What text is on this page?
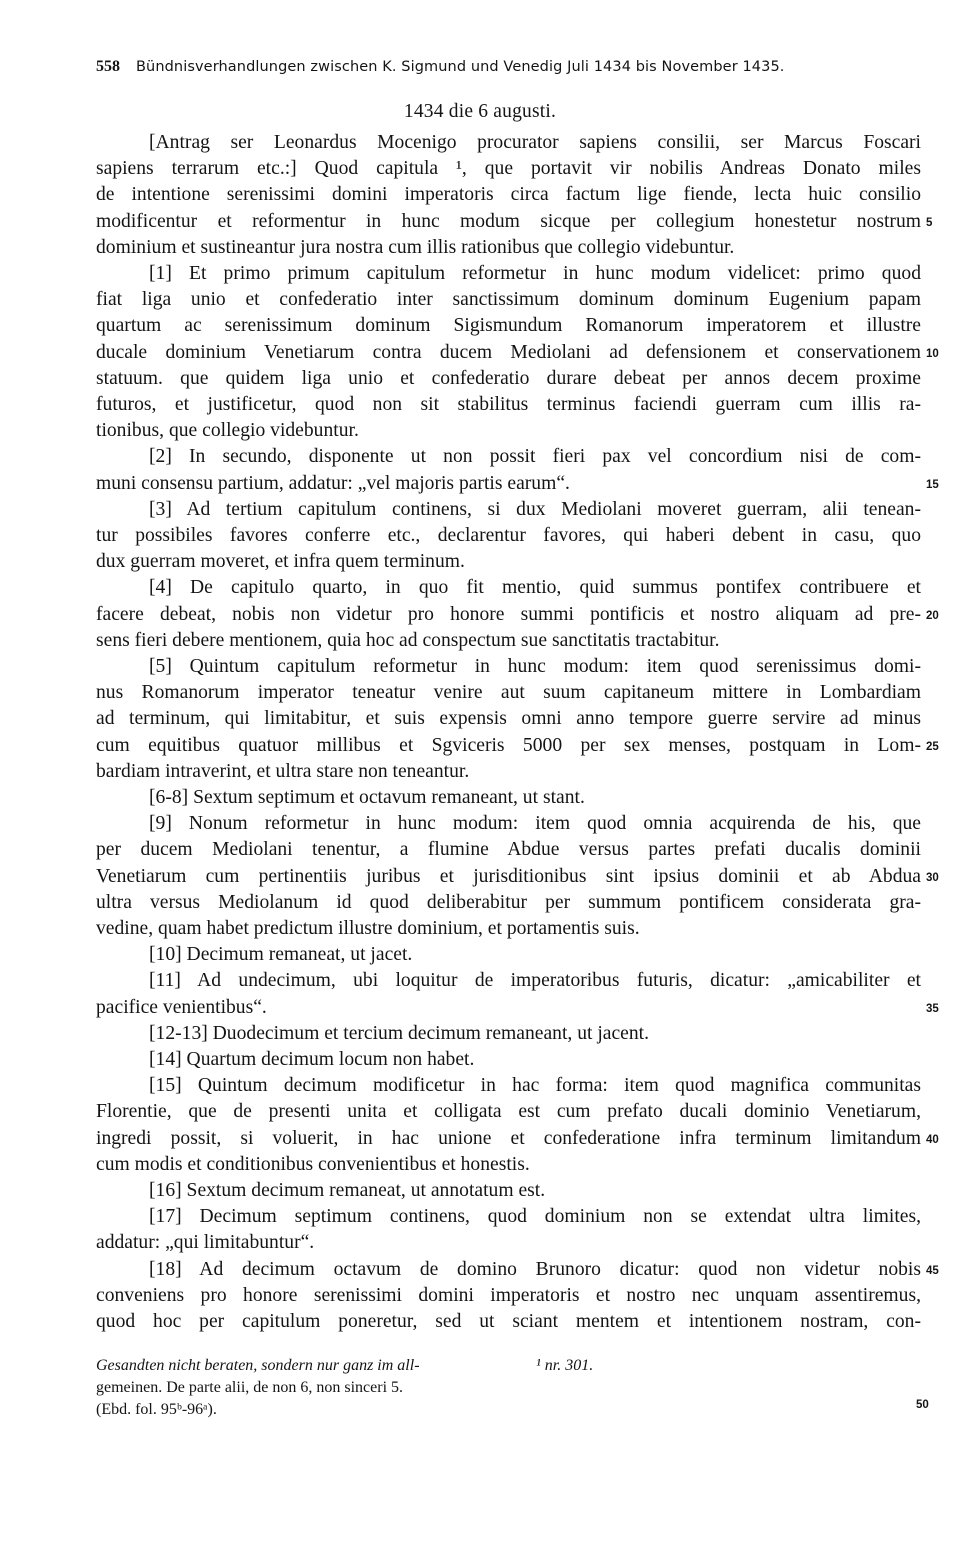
558 Bündnisverhandlungen zwischen K. Sigmund und Venedig Juli 1434 bis November 1435.
1434 die 6 augusti.
[Antrag ser Leonardus Mocenigo procurator sapiens consilii, ser Marcus Foscari
sapiens terrarum etc.:] Quod capitula ¹, que portavit vir nobilis Andreas Donato miles
de intentione serenissimi domini imperatoris circa factum lige fiende, lecta huic consilio
modificentur et reformentur in hunc modum sicque per collegium honestetur nostrum
dominium et sustineantur jura nostra cum illis rationibus que collegio videbuntur.
[1] Et primo primum capitulum reformetur in hunc modum videlicet: primo quod
fiat liga unio et confederatio inter sanctissimum dominum dominum Eugenium papam
quartum ac serenissimum dominum Sigismundum Romanorum imperatorem et illustre
ducale dominium Venetiarum contra ducem Mediolani ad defensionem et conservationem
statuum. que quidem liga unio et confederatio durare debeat per annos decem proxime
futuros, et justificetur, quod non sit stabilitus terminus faciendi guerram cum illis ra-
tionibus, que collegio videbuntur.
[2] In secundo, disponente ut non possit fieri pax vel concordium nisi de com-
muni consensu partium, addatur: „vel majoris partis earum“.
[3] Ad tertium capitulum continens, si dux Mediolani moveret guerram, alii tenean-
tur possibiles favores conferre etc., declarentur favores, qui haberi debent in casu, quo
dux guerram moveret, et infra quem terminum.
[4] De capitulo quarto, in quo fit mentio, quid summus pontifex contribuere et
facere debeat, nobis non videtur pro honore summi pontificis et nostro aliquam ad pre-
sens fieri debere mentionem, quia hoc ad conspectum sue sanctitatis tractabitur.
[5] Quintum capitulum reformetur in hunc modum: item quod serenissimus domi-
nus Romanorum imperator teneatur venire aut suum capitaneum mittere in Lombardiam
ad terminum, qui limitabitur, et suis expensis omni anno tempore guerre servire ad minus
cum equitibus quatuor millibus et Sgviceris 5000 per sex menses, postquam in Lom-
bardiam intraverint, et ultra stare non teneantur.
[6-8] Sextum septimum et octavum remaneant, ut stant.
[9] Nonum reformetur in hunc modum: item quod omnia acquirenda de his, que
per ducem Mediolani tenentur, a flumine Abdue versus partes prefati ducalis dominii
Venetiarum cum pertinentiis juribus et jurisditionibus sint ipsius dominii et ab Abdua
ultra versus Mediolanum id quod deliberabitur per summum pontificem considerata gra-
vedine, quam habet predictum illustre dominium, et portamentis suis.
[10] Decimum remaneat, ut jacet.
[11] Ad undecimum, ubi loquitur de imperatoribus futuris, dicatur: „amicabiliter et
pacifice venientibus“.
[12-13] Duodecimum et tercium decimum remaneant, ut jacent.
[14] Quartum decimum locum non habet.
[15] Quintum decimum modificetur in hac forma: item quod magnifica communitas
Florentie, que de presenti unita et colligata est cum prefato ducali dominio Venetiarum,
ingredi possit, si voluerit, in hac unione et confederatione infra terminum limitandum
cum modis et conditionibus convenientibus et honestis.
[16] Sextum decimum remaneat, ut annotatum est.
[17] Decimum septimum continens, quod dominium non se extendat ultra limites,
addatur: „qui limitabuntur“.
[18] Ad decimum octavum de domino Brunoro dicatur: quod non videtur nobis
conveniens pro honore serenissimi domini imperatoris et nostro nec unquam assentiremus,
quod hoc per capitulum poneretur, sed ut sciant mentem et intentionem nostram, con-
5
10
15
20
25
30
35
40
45
Gesandten nicht beraten, sondern nur ganz im all-
gemeinen. De parte alii, de non 6, non sinceri 5.
(Ebd. fol. 95ᵇ-96ᵃ).
¹ nr. 301.
50
